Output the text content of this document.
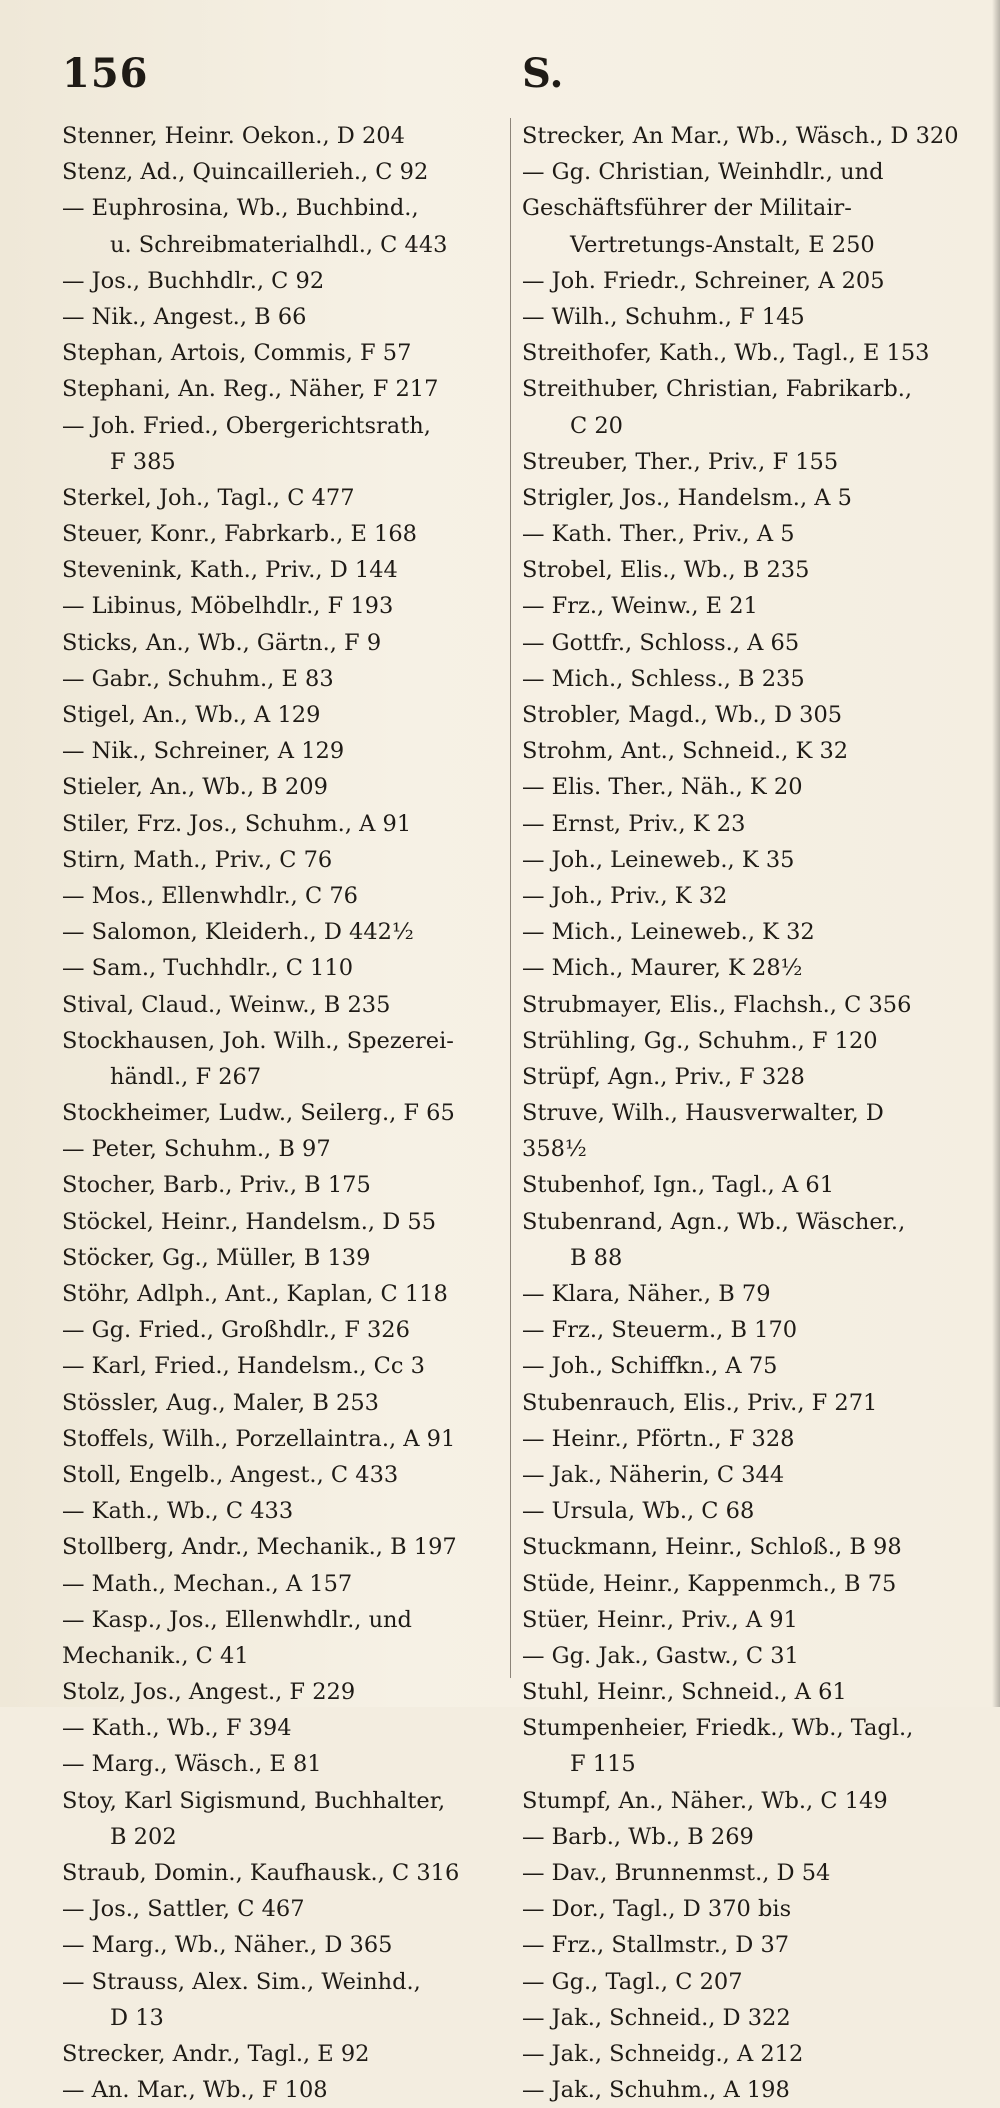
156	S.
Stenner, Heinr. Oekon., D 204
Stenz, Ad., Quincaillerieh., C 92
— Euphrosina, Wb., Buchbind.,
u. Schreibmaterialhdl., C 443
— Jos., Buchhdlr., C 92
— Nik., Angest., B 66
Stephan, Artois, Commis, F 57
Stephani, An. Reg., Näher, F 217
— Joh. Fried., Obergerichtsrath,
F 385
Sterkel, Joh., Tagl., C 477
Steuer, Konr., Fabrkarb., E 168
Stevenink, Kath., Priv., D 144
— Libinus, Möbelhdlr., F 193
Sticks, An., Wb., Gärtn., F 9
— Gabr., Schuhm., E 83
Stigel, An., Wb., A 129
— Nik., Schreiner, A 129
Stieler, An., Wb., B 209
Stiler, Frz. Jos., Schuhm., A 91
Stirn, Math., Priv., C 76
— Mos., Ellenwhdlr., C 76
— Salomon, Kleiderh., D 442½
— Sam., Tuchhdlr., C 110
Stival, Claud., Weinw., B 235
Stockhausen, Joh. Wilh., Spezerei-
händl., F 267
Stockheimer, Ludw., Seilerg., F 65
— Peter, Schuhm., B 97
Stocher, Barb., Priv., B 175
Stöckel, Heinr., Handelsm., D 55
Stöcker, Gg., Müller, B 139
Stöhr, Adlph., Ant., Kaplan, C 118
— Gg. Fried., Großhdlr., F 326
— Karl, Fried., Handelsm., Cc 3
Stössler, Aug., Maler, B 253
Stoffels, Wilh., Porzellaintra., A 91
Stoll, Engelb., Angest., C 433
— Kath., Wb., C 433
Stollberg, Andr., Mechanik., B 197
— Math., Mechan., A 157
— Kasp., Jos., Ellenwhdlr., und
Mechanik., C 41
Stolz, Jos., Angest., F 229
— Kath., Wb., F 394
— Marg., Wäsch., E 81
Stoy, Karl Sigismund, Buchhalter,
B 202
Straub, Domin., Kaufhausk., C 316
— Jos., Sattler, C 467
— Marg., Wb., Näher., D 365
— Strauss, Alex. Sim., Weinhd.,
D 13
Strecker, Andr., Tagl., E 92
— An. Mar., Wb., F 108
Strecker, An Mar., Wb., Wäsch., D 320
— Gg. Christian, Weinhdlr., und
Geschäftsführer der Militair-
Vertretungs-Anstalt, E 250
— Joh. Friedr., Schreiner, A 205
— Wilh., Schuhm., F 145
Streithofer, Kath., Wb., Tagl., E 153
Streithuber, Christian, Fabrikarb.,
C 20
Streuber, Ther., Priv., F 155
Strigler, Jos., Handelsm., A 5
— Kath. Ther., Priv., A 5
Strobel, Elis., Wb., B 235
— Frz., Weinw., E 21
— Gottfr., Schloss., A 65
— Mich., Schless., B 235
Strobler, Magd., Wb., D 305
Strohm, Ant., Schneid., K 32
— Elis. Ther., Näh., K 20
— Ernst, Priv., K 23
— Joh., Leineweb., K 35
— Joh., Priv., K 32
— Mich., Leineweb., K 32
— Mich., Maurer, K 28½
Strubmayer, Elis., Flachsh., C 356
Strühling, Gg., Schuhm., F 120
Strüpf, Agn., Priv., F 328
Struve, Wilh., Hausverwalter, D
358½
Stubenhof, Ign., Tagl., A 61
Stubenrand, Agn., Wb., Wäscher.,
B 88
— Klara, Näher., B 79
— Frz., Steuerm., B 170
— Joh., Schiffkn., A 75
Stubenrauch, Elis., Priv., F 271
— Heinr., Pförtn., F 328
— Jak., Näherin, C 344
— Ursula, Wb., C 68
Stuckmann, Heinr., Schloß., B 98
Stüde, Heinr., Kappenmch., B 75
Stüer, Heinr., Priv., A 91
— Gg. Jak., Gastw., C 31
Stuhl, Heinr., Schneid., A 61
Stumpenheier, Friedk., Wb., Tagl.,
F 115
Stumpf, An., Näher., Wb., C 149
— Barb., Wb., B 269
— Dav., Brunnenmst., D 54
— Dor., Tagl., D 370 bis
— Frz., Stallmstr., D 37
— Gg., Tagl., C 207
— Jak., Schneid., D 322
— Jak., Schneidg., A 212
— Jak., Schuhm., A 198
